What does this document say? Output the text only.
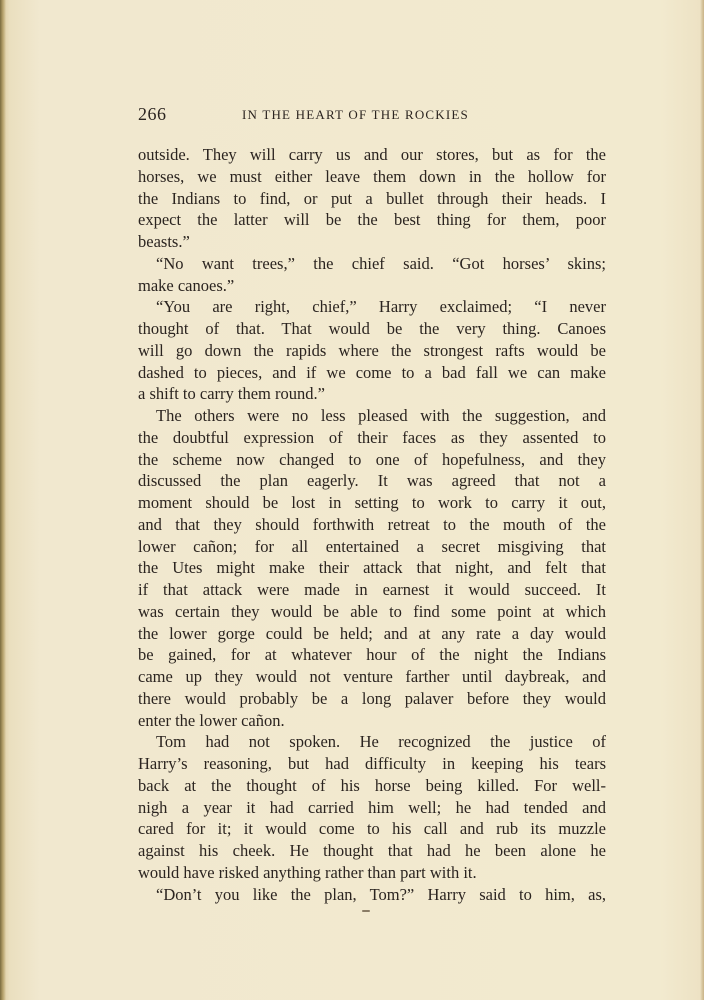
266	IN THE HEART OF THE ROCKIES
outside. They will carry us and our stores, but as for the
horses, we must either leave them down in the hollow for
the Indians to find, or put a bullet through their heads. I
expect the latter will be the best thing for them, poor
beasts.”
“No want trees,” the chief said. “Got horses’ skins;
make canoes.”
“You are right, chief,” Harry exclaimed; “I never
thought of that. That would be the very thing. Canoes
will go down the rapids where the strongest rafts would be
dashed to pieces, and if we come to a bad fall we can make
a shift to carry them round.”
The others were no less pleased with the suggestion, and
the doubtful expression of their faces as they assented to
the scheme now changed to one of hopefulness, and they
discussed the plan eagerly. It was agreed that not a
moment should be lost in setting to work to carry it out,
and that they should forthwith retreat to the mouth of the
lower cañon; for all entertained a secret misgiving that
the Utes might make their attack that night, and felt that
if that attack were made in earnest it would succeed. It
was certain they would be able to find some point at which
the lower gorge could be held; and at any rate a day would
be gained, for at whatever hour of the night the Indians
came up they would not venture farther until daybreak, and
there would probably be a long palaver before they would
enter the lower cañon.
Tom had not spoken. He recognized the justice of
Harry’s reasoning, but had difficulty in keeping his tears
back at the thought of his horse being killed. For well-
nigh a year it had carried him well; he had tended and
cared for it; it would come to his call and rub its muzzle
against his cheek. He thought that had he been alone he
would have risked anything rather than part with it.
“Don’t you like the plan, Tom?” Harry said to him, as,
